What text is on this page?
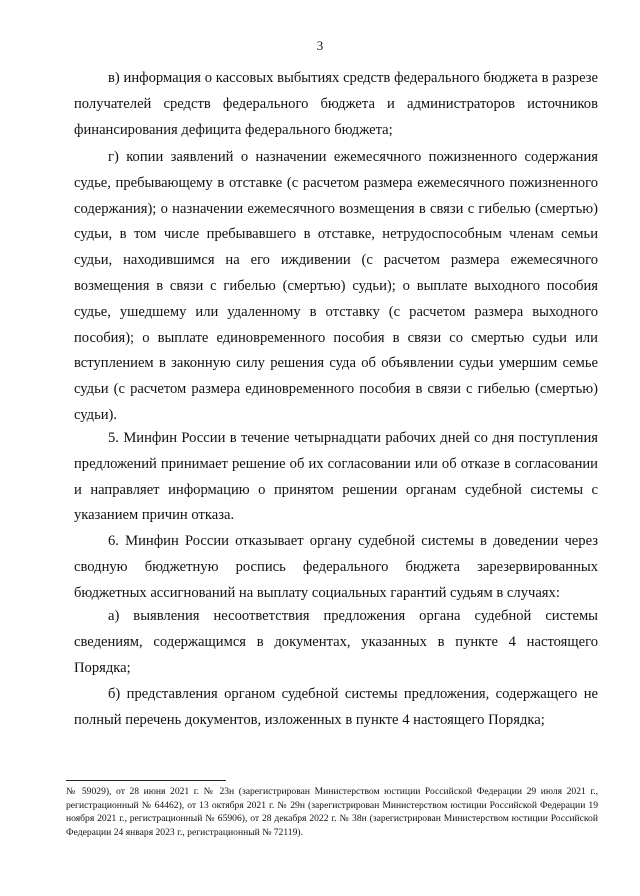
3

в) информация о кассовых выбытиях средств федерального бюджета в разрезе получателей средств федерального бюджета и администраторов источников финансирования дефицита федерального бюджета;

г) копии заявлений о назначении ежемесячного пожизненного содержания судье, пребывающему в отставке (с расчетом размера ежемесячного пожизненного содержания); о назначении ежемесячного возмещения в связи с гибелью (смертью) судьи, в том числе пребывавшего в отставке, нетрудоспособным членам семьи судьи, находившимся на его иждивении (с расчетом размера ежемесячного возмещения в связи с гибелью (смертью) судьи); о выплате выходного пособия судье, ушедшему или удаленному в отставку (с расчетом размера выходного пособия); о выплате единовременного пособия в связи со смертью судьи или вступлением в законную силу решения суда об объявлении судьи умершим семье судьи (с расчетом размера единовременного пособия в связи с гибелью (смертью) судьи).

5. Минфин России в течение четырнадцати рабочих дней со дня поступления предложений принимает решение об их согласовании или об отказе в согласовании и направляет информацию о принятом решении органам судебной системы с указанием причин отказа.

6. Минфин России отказывает органу судебной системы в доведении через сводную бюджетную роспись федерального бюджета зарезервированных бюджетных ассигнований на выплату социальных гарантий судьям в случаях:

а) выявления несоответствия предложения органа судебной системы сведениям, содержащимся в документах, указанных в пункте 4 настоящего Порядка;

б) представления органом судебной системы предложения, содержащего не полный перечень документов, изложенных в пункте 4 настоящего Порядка;

№ 59029), от 28 июня 2021 г. № 23н (зарегистрирован Министерством юстиции Российской Федерации 29 июля 2021 г., регистрационный № 64462), от 13 октября 2021 г. № 29н (зарегистрирован Министерством юстиции Российской Федерации 19 ноября 2021 г., регистрационный № 65906), от 28 декабря 2022 г. № 38н (зарегистрирован Министерством юстиции Российской Федерации 24 января 2023 г., регистрационный № 72119).
